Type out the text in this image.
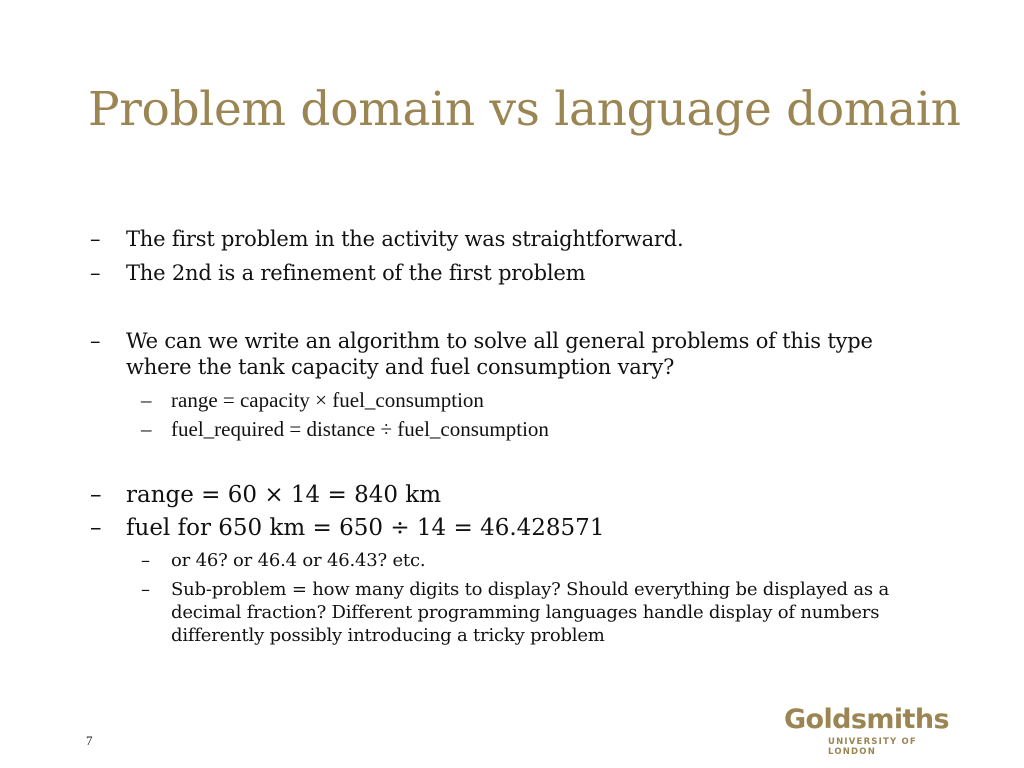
Problem domain vs language domain
– The first problem in the activity was straightforward.
– The 2nd is a refinement of the first problem
– We can we write an algorithm to solve all general problems of this type where the tank capacity and fuel consumption vary?
– range = capacity × fuel_consumption
– fuel_required = distance ÷ fuel_consumption
– range = 60 × 14 = 840 km
– fuel for 650 km = 650 ÷ 14 = 46.428571
– or 46? or 46.4 or 46.43? etc.
– Sub-problem = how many digits to display? Should everything be displayed as a decimal fraction? Different programming languages handle display of numbers differently possibly introducing a tricky problem
7
Goldsmiths
UNIVERSITY OF LONDON
